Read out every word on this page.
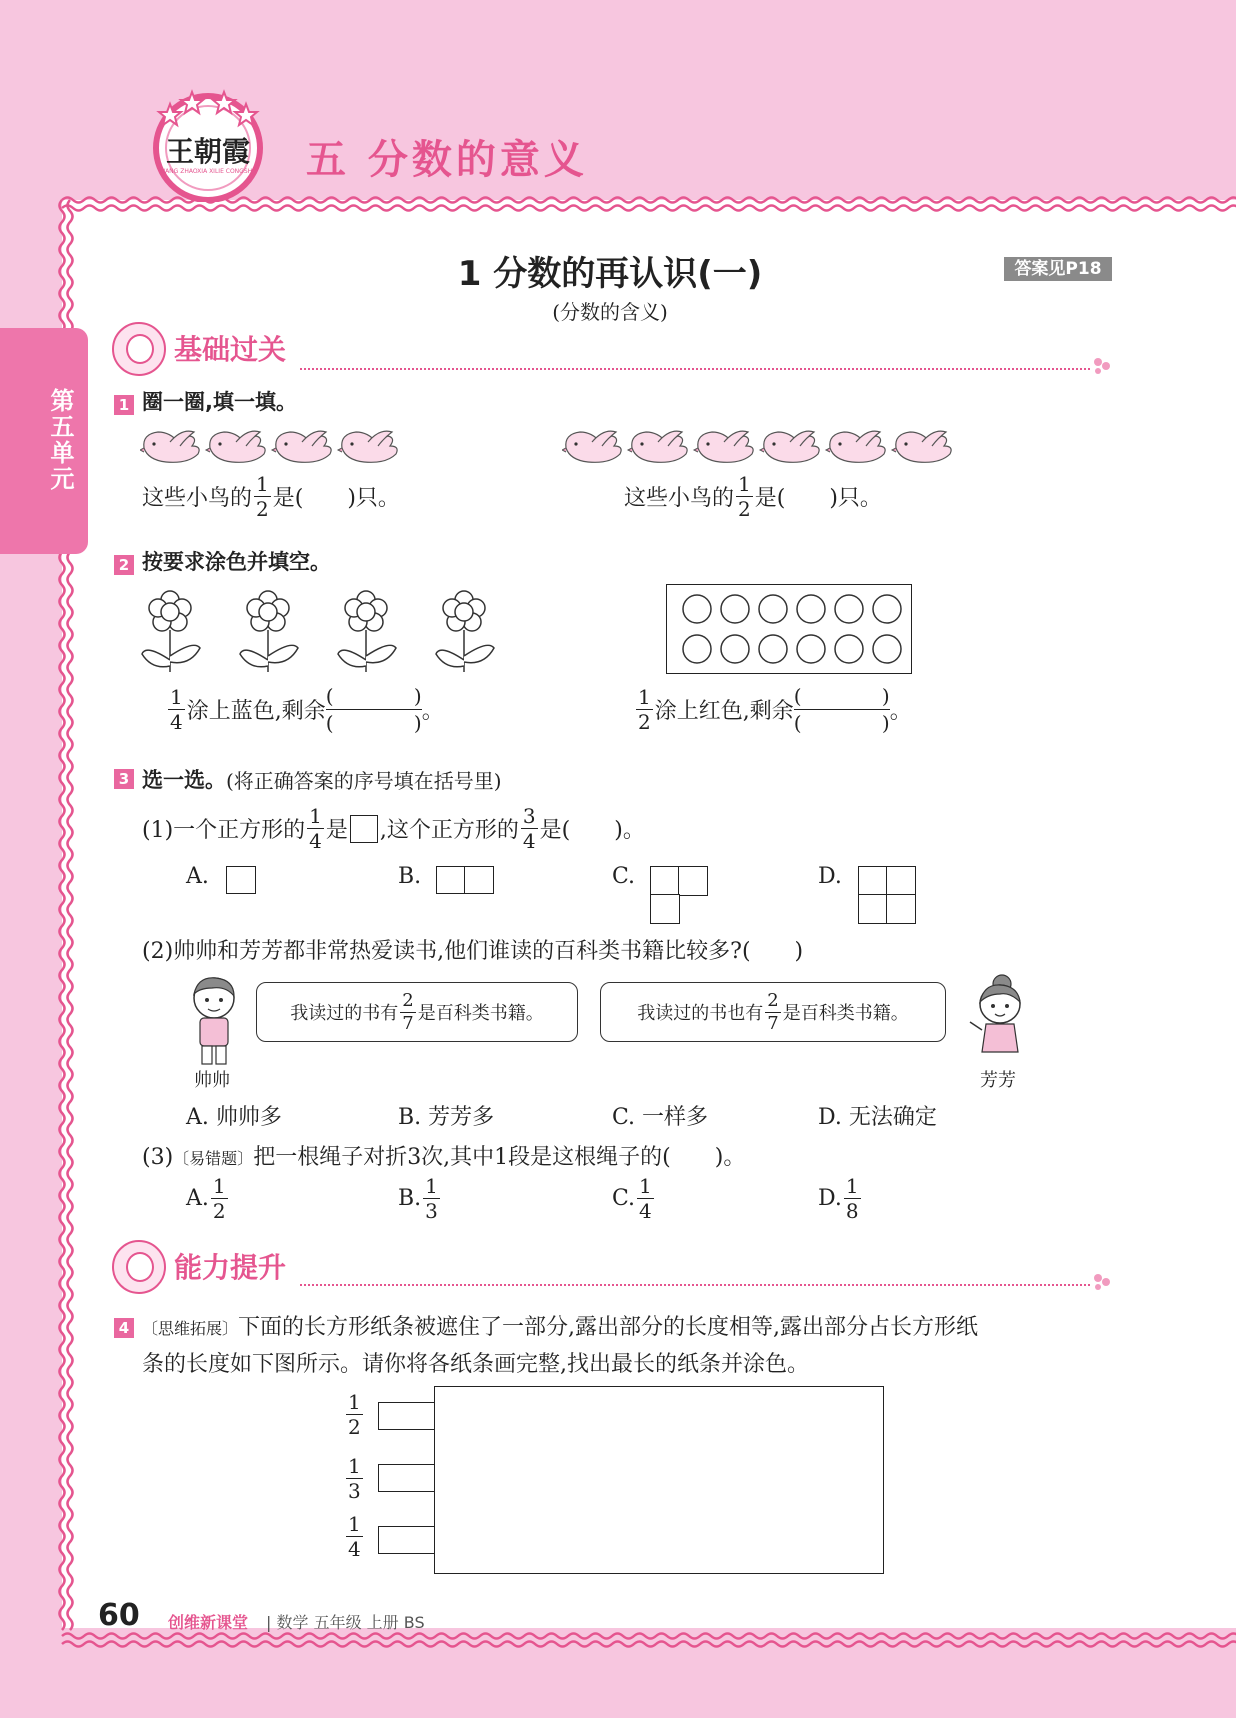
王朝霞
WANG ZHAOXIA XILIE CONGSHU 五 分数的意义
第五单元
1 分数的再认识(一)
(分数的含义)
答案见P18
基础过关
1 圈一圈,填一填。
这些小鸟的 $\frac{1}{2}$ 是(　　)只。	这些小鸟的 $\frac{1}{2}$ 是(　　)只。
2 按要求涂色并填空。
$\frac{1}{4}$ 涂上蓝色,剩余
(	)
(	) 。	$\frac{1}{2}$ 涂上红色,剩余
(	)
(	) 。
3 选一选。 (将正确答案的序号填在括号里)
(1)一个正方形的 $\frac{1}{4}$ 是 ,这个正方形的 $\frac{3}{4}$ 是(　　)。
A.	B.	C.	D.
(2)帅帅和芳芳都非常热爱读书,他们谁读的百科类书籍比较多?(　　)
帅帅
我读过的书有 $\frac{2}{7}$ 是百科类书籍。	我读过的书也有 $\frac{2}{7}$ 是百科类书籍。
芳芳
A. 帅帅多	B. 芳芳多	C. 一样多	D. 无法确定
(3)〔易错题〕把一根绳子对折3次,其中1段是这根绳子的(　　)。
A. $\frac{1}{2}$	B. $\frac{1}{3}$	C. $\frac{1}{4}$	D. $\frac{1}{8}$
能力提升
4 〔思维拓展〕下面的长方形纸条被遮住了一部分,露出部分的长度相等,露出部分占长方形纸
条的长度如下图所示。请你将各纸条画完整,找出最长的纸条并涂色。
$\frac{1}{2}$
$\frac{1}{3}$
$\frac{1}{4}$
60 创维新课堂 | 数学 五年级 上册 BS
